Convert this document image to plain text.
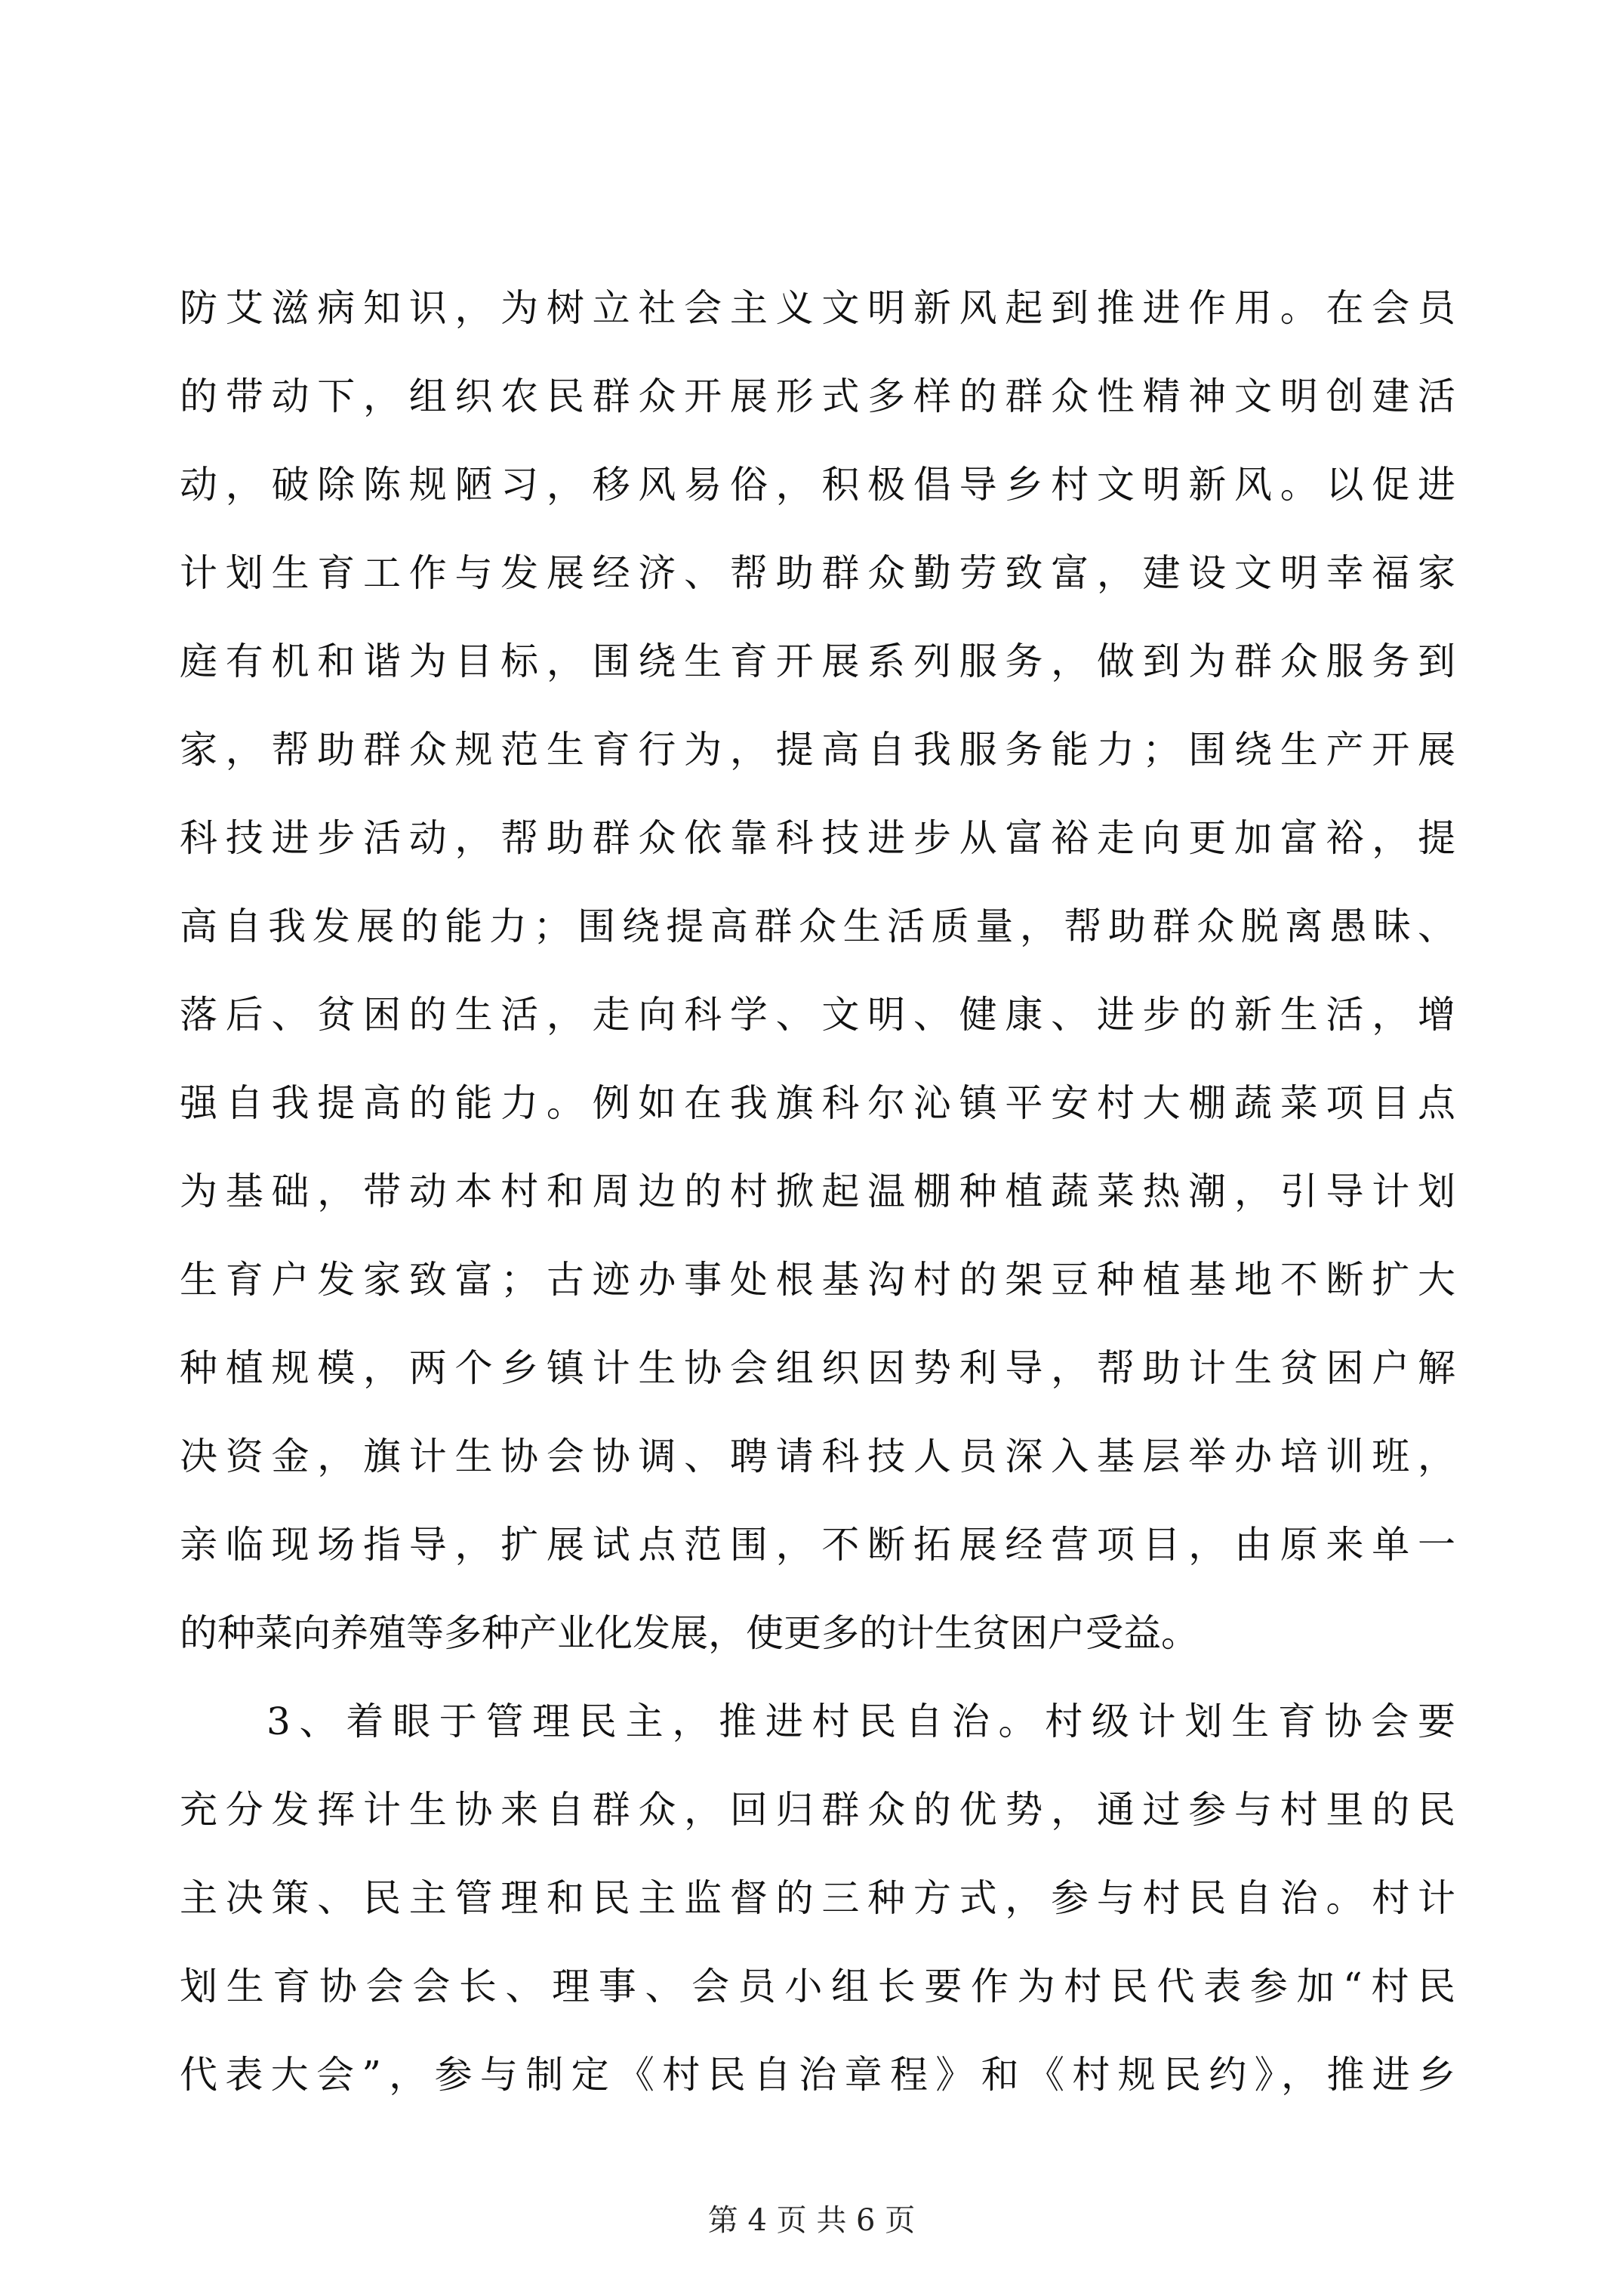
防艾滋病知识，为树立社会主义文明新风起到推进作用。在会员
的带动下，组织农民群众开展形式多样的群众性精神文明创建活
动，破除陈规陋习，移风易俗，积极倡导乡村文明新风。以促进
计划生育工作与发展经济、帮助群众勤劳致富，建设文明幸福家
庭有机和谐为目标，围绕生育开展系列服务，做到为群众服务到
家，帮助群众规范生育行为，提高自我服务能力；围绕生产开展
科技进步活动，帮助群众依靠科技进步从富裕走向更加富裕，提
高自我发展的能力；围绕提高群众生活质量，帮助群众脱离愚昧、
落后、贫困的生活，走向科学、文明、健康、进步的新生活，增
强自我提高的能力。例如在我旗科尔沁镇平安村大棚蔬菜项目点
为基础，带动本村和周边的村掀起温棚种植蔬菜热潮，引导计划
生育户发家致富；古迹办事处根基沟村的架豆种植基地不断扩大
种植规模，两个乡镇计生协会组织因势利导，帮助计生贫困户解
决资金，旗计生协会协调、聘请科技人员深入基层举办培训班，
亲临现场指导，扩展试点范围，不断拓展经营项目，由原来单一
的种菜向养殖等多种产业化发展，使更多的计生贫困户受益。
3、着眼于管理民主，推进村民自治。村级计划生育协会要
充分发挥计生协来自群众，回归群众的优势，通过参与村里的民
主决策、民主管理和民主监督的三种方式，参与村民自治。村计
划生育协会会长、理事、会员小组长要作为村民代表参加“村民
代表大会”，参与制定《村民自治章程》和《村规民约》，推进乡
第 4 页 共 6 页
